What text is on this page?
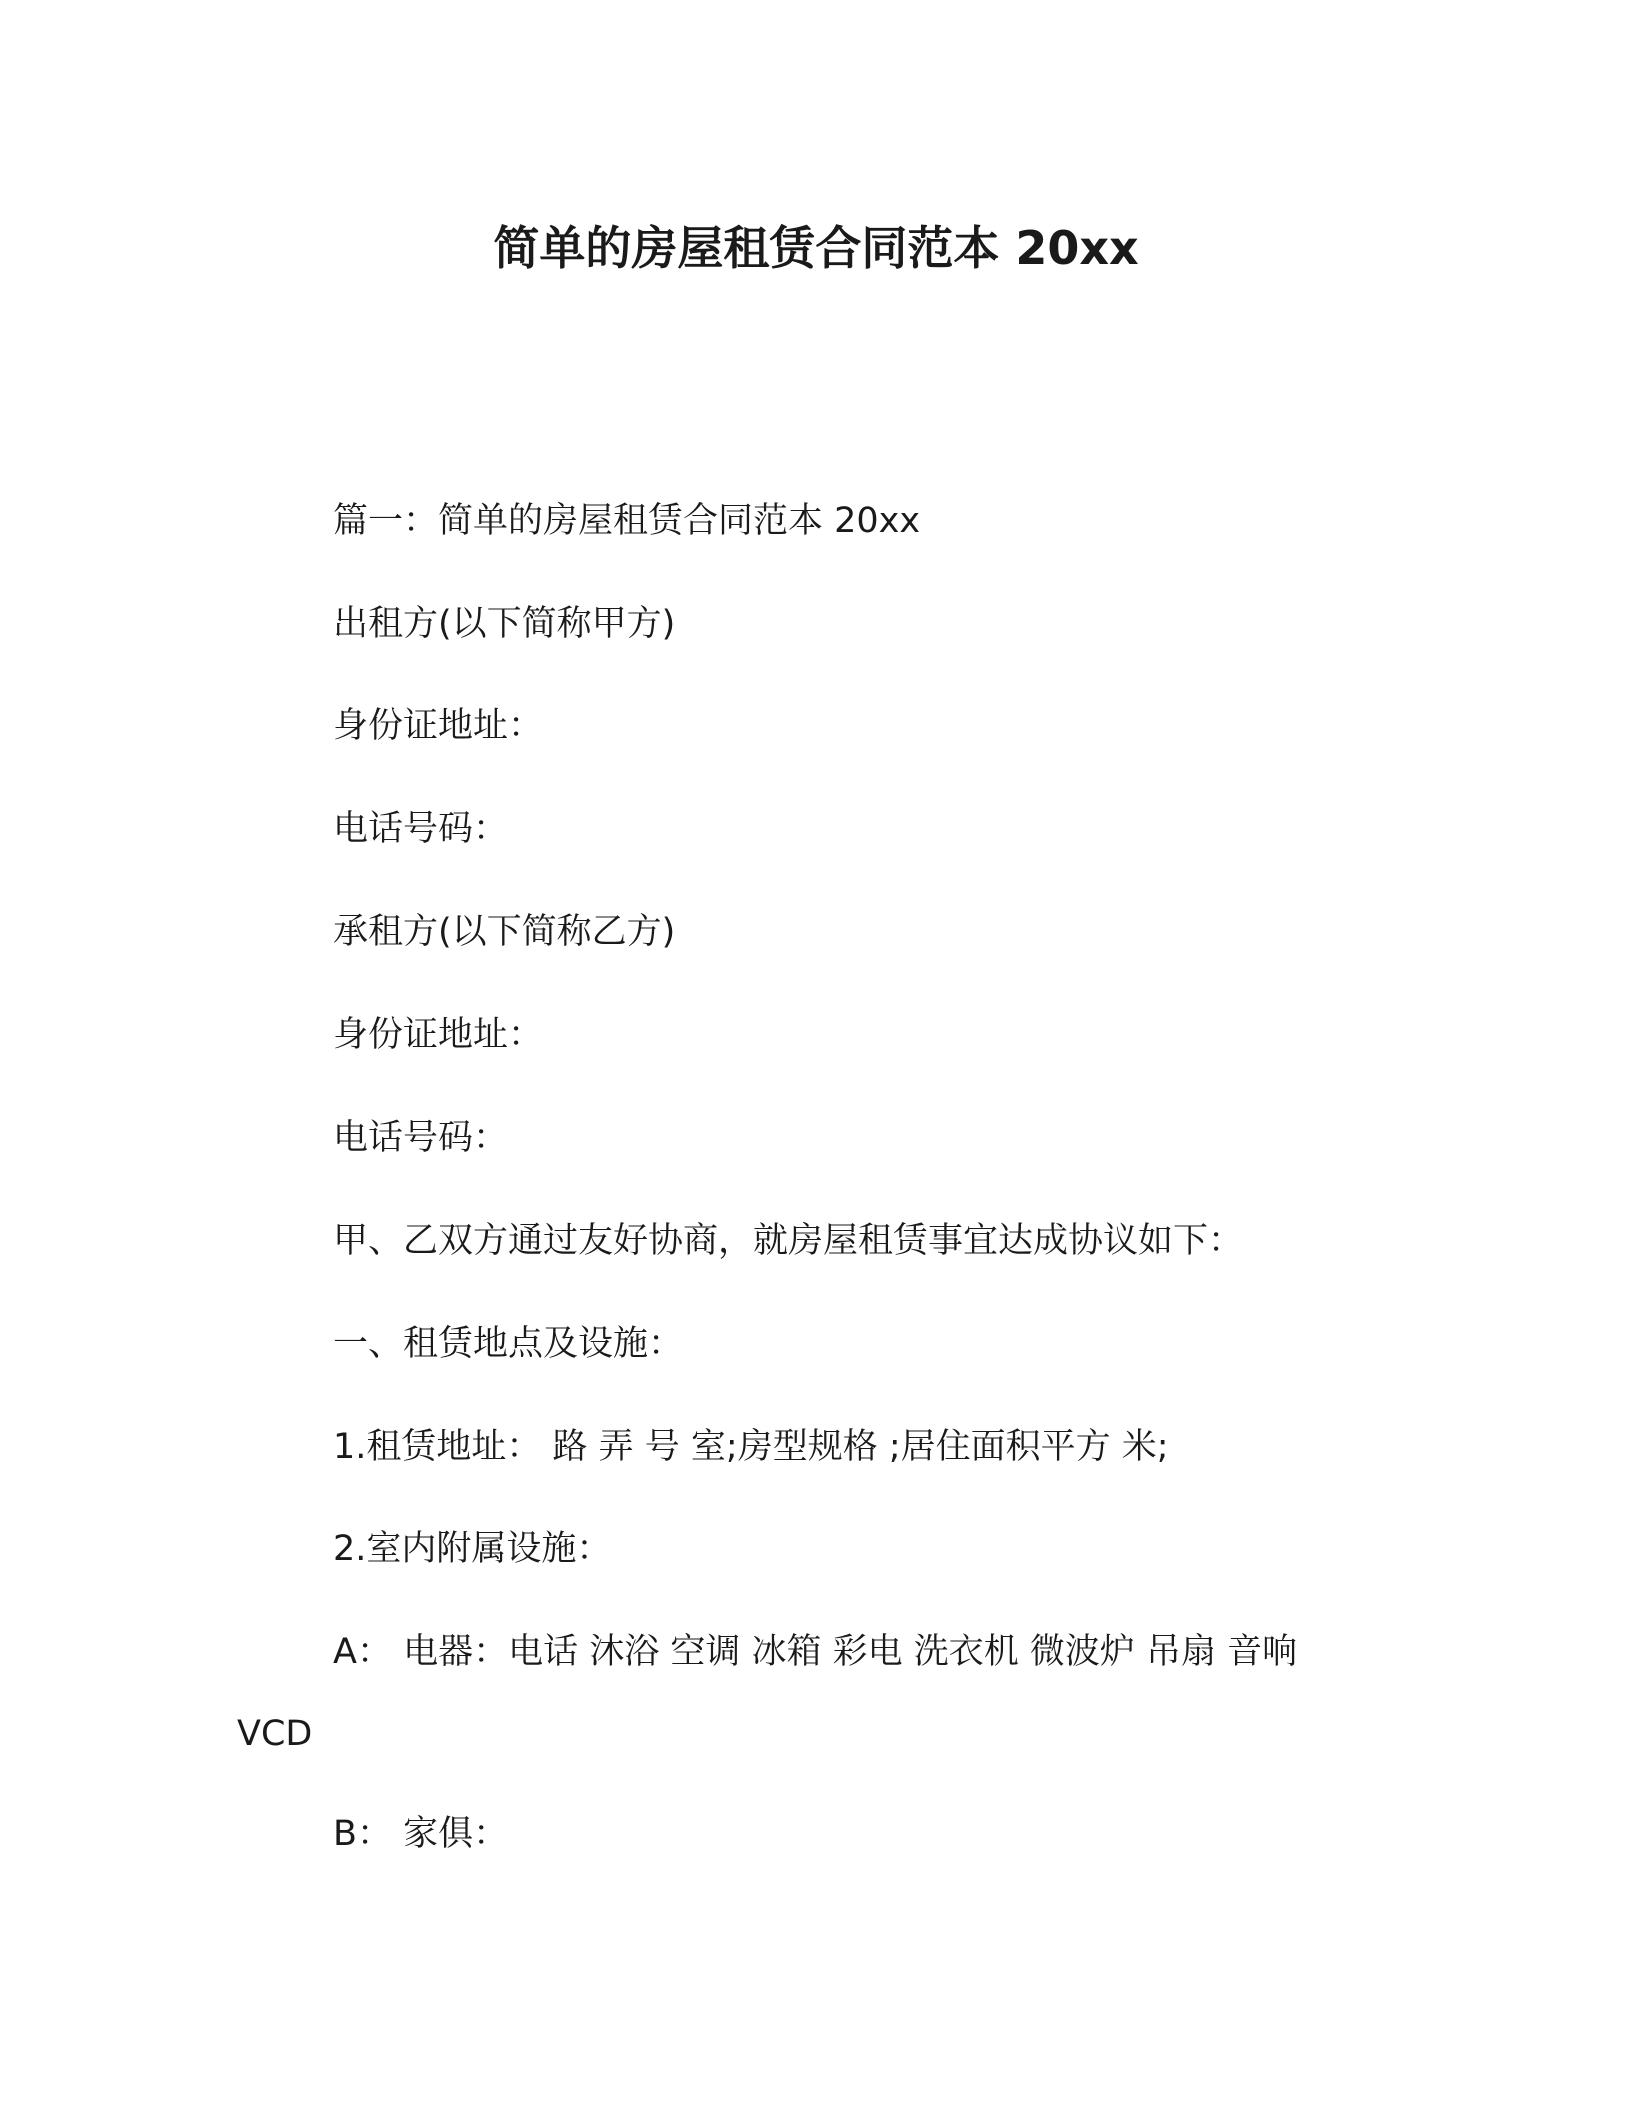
简单的房屋租赁合同范本 20xx
篇一：简单的房屋租赁合同范本 20xx
出租方(以下简称甲方)
身份证地址：
电话号码：
承租方(以下简称乙方)
身份证地址：
电话号码：
甲、乙双方通过友好协商，就房屋租赁事宜达成协议如下：
一、租赁地点及设施：
1.租赁地址： 路 弄 号 室;房型规格 ;居住面积平方 米;
2.室内附属设施：
A： 电器：电话 沐浴 空调 冰箱 彩电 洗衣机 微波炉 吊扇 音响
VCD
B： 家俱：
